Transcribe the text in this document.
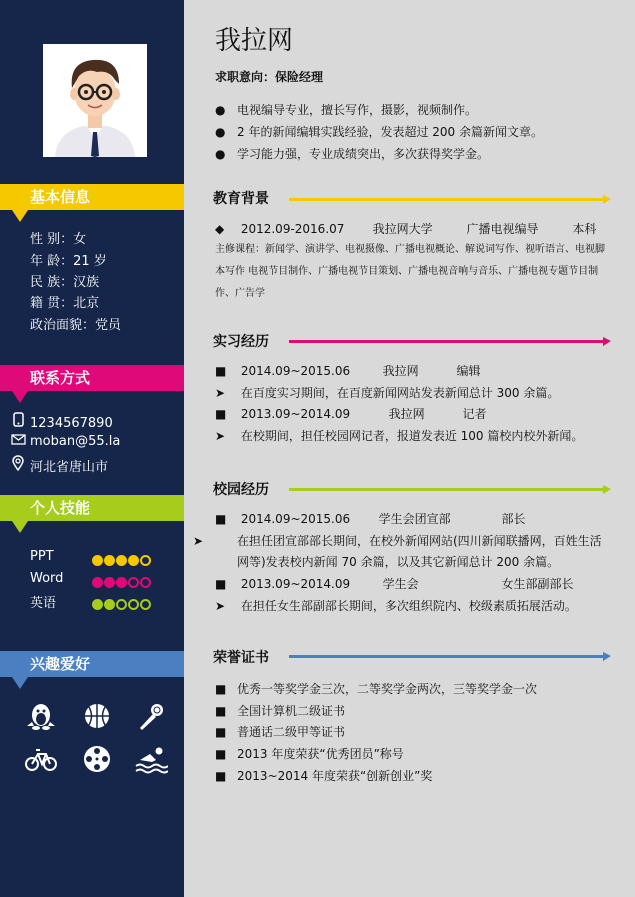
基本信息
性 别：女
年 龄：21 岁
民 族：汉族
籍 贯：北京
政治面貌：党员
联系方式
1234567890
moban@55.la
河北省唐山市
个人技能
PPT
Word
英语
兴趣爱好
我拉网
求职意向：保险经理
● 电视编导专业，擅长写作，摄影，视频制作。
● 2 年的新闻编辑实践经验，发表超过 200 余篇新闻文章。
● 学习能力强，专业成绩突出，多次获得奖学金。
教育背景
◆ 2012.09-2016.07 我拉网大学	广播电视编导	本科
主修课程：新闻学、演讲学、电视摄像、广播电视概论、解说词写作、视听语言、电视脚本写作 电视节目制作、广播电视节目策划、广播电视音响与音乐、广播电视专题节目制作、广告学
实习经历
■ 2014.09~2015.06	我拉网	编辑
➤ 在百度实习期间，在百度新闻网站发表新闻总计 300 余篇。
■ 2013.09~2014.09	我拉网	记者
➤ 在校期间，担任校园网记者，报道发表近 100 篇校内校外新闻。
校园经历
■ 2014.09~2015.06 学生会团宣部	部长
➤	在担任团宣部部长期间，在校外新闻网站(四川新闻联播网，百姓生活网等)发表校内新闻 70 余篇，以及其它新闻总计 200 余篇。
■ 2013.09~2014.09	学生会	女生部副部长
➤ 在担任女生部副部长期间，多次组织院内、校级素质拓展活动。
荣誉证书
■ 优秀一等奖学金三次，二等奖学金两次，三等奖学金一次
■ 全国计算机二级证书
■ 普通话二级甲等证书
■ 2013 年度荣获“优秀团员”称号
■ 2013~2014 年度荣获“创新创业”奖
